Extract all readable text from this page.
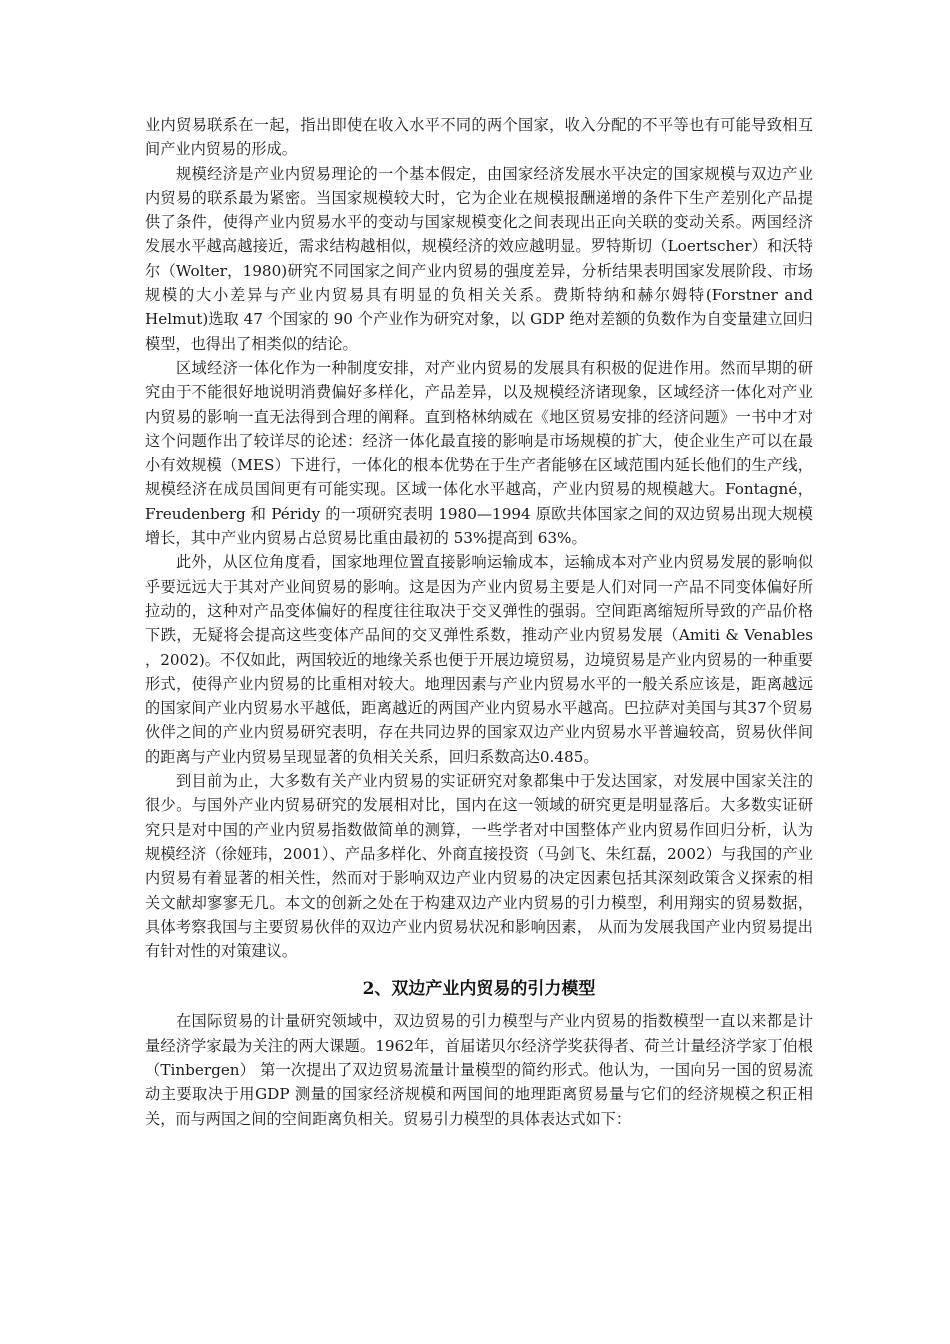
业内贸易联系在一起，指出即使在收入水平不同的两个国家，收入分配的不平等也有可能导致相互间产业内贸易的形成。

规模经济是产业内贸易理论的一个基本假定，由国家经济发展水平决定的国家规模与双边产业内贸易的联系最为紧密。当国家规模较大时，它为企业在规模报酬递增的条件下生产差别化产品提供了条件，使得产业内贸易水平的变动与国家规模变化之间表现出正向关联的变动关系。两国经济发展水平越高越接近，需求结构越相似，规模经济的效应越明显。罗特斯切（Loertscher）和沃特尔（Wolter，1980)研究不同国家之间产业内贸易的强度差异，分析结果表明国家发展阶段、市场规模的大小差异与产业内贸易具有明显的负相关关系。费斯特纳和赫尔姆特(Forstner and Helmut)选取 47 个国家的 90 个产业作为研究对象，以 GDP 绝对差额的负数作为自变量建立回归模型，也得出了相类似的结论。

区域经济一体化作为一种制度安排，对产业内贸易的发展具有积极的促进作用。然而早期的研究由于不能很好地说明消费偏好多样化，产品差异，以及规模经济诸现象，区域经济一体化对产业内贸易的影响一直无法得到合理的阐释。直到格林纳威在《地区贸易安排的经济问题》一书中才对这个问题作出了较详尽的论述：经济一体化最直接的影响是市场规模的扩大，使企业生产可以在最小有效规模（MES）下进行，一体化的根本优势在于生产者能够在区域范围内延长他们的生产线，规模经济在成员国间更有可能实现。区域一体化水平越高，产业内贸易的规模越大。Fontagné，Freudenberg 和 Péridy 的一项研究表明 1980—1994 原欧共体国家之间的双边贸易出现大规模增长，其中产业内贸易占总贸易比重由最初的 53%提高到 63%。

此外，从区位角度看，国家地理位置直接影响运输成本，运输成本对产业内贸易发展的影响似乎要远远大于其对产业间贸易的影响。这是因为产业内贸易主要是人们对同一产品不同变体偏好所拉动的，这种对产品变体偏好的程度往往取决于交叉弹性的强弱。空间距离缩短所导致的产品价格下跌，无疑将会提高这些变体产品间的交叉弹性系数，推动产业内贸易发展（Amiti & Venables ，2002)。不仅如此，两国较近的地缘关系也便于开展边境贸易，边境贸易是产业内贸易的一种重要形式，使得产业内贸易的比重相对较大。地理因素与产业内贸易水平的一般关系应该是，距离越远的国家间产业内贸易水平越低，距离越近的两国产业内贸易水平越高。巴拉萨对美国与其37个贸易伙伴之间的产业内贸易研究表明，存在共同边界的国家双边产业内贸易水平普遍较高，贸易伙伴间的距离与产业内贸易呈现显著的负相关关系，回归系数高达0.485。

到目前为止，大多数有关产业内贸易的实证研究对象都集中于发达国家，对发展中国家关注的很少。与国外产业内贸易研究的发展相对比，国内在这一领域的研究更是明显落后。大多数实证研究只是对中国的产业内贸易指数做简单的测算，一些学者对中国整体产业内贸易作回归分析，认为规模经济（徐娅玮，2001）、产品多样化、外商直接投资（马剑飞、朱红磊，2002）与我国的产业内贸易有着显著的相关性，然而对于影响双边产业内贸易的决定因素包括其深刻政策含义探索的相关文献却寥寥无几。本文的创新之处在于构建双边产业内贸易的引力模型，利用翔实的贸易数据，具体考察我国与主要贸易伙伴的双边产业内贸易状况和影响因素， 从而为发展我国产业内贸易提出有针对性的对策建议。

2、双边产业内贸易的引力模型

在国际贸易的计量研究领域中，双边贸易的引力模型与产业内贸易的指数模型一直以来都是计量经济学家最为关注的两大课题。1962年，首届诺贝尔经济学奖获得者、荷兰计量经济学家丁伯根（Tinbergen） 第一次提出了双边贸易流量计量模型的简约形式。他认为，一国向另一国的贸易流动主要取决于用GDP 测量的国家经济规模和两国间的地理距离贸易量与它们的经济规模之积正相关，而与两国之间的空间距离负相关。贸易引力模型的具体表达式如下：
